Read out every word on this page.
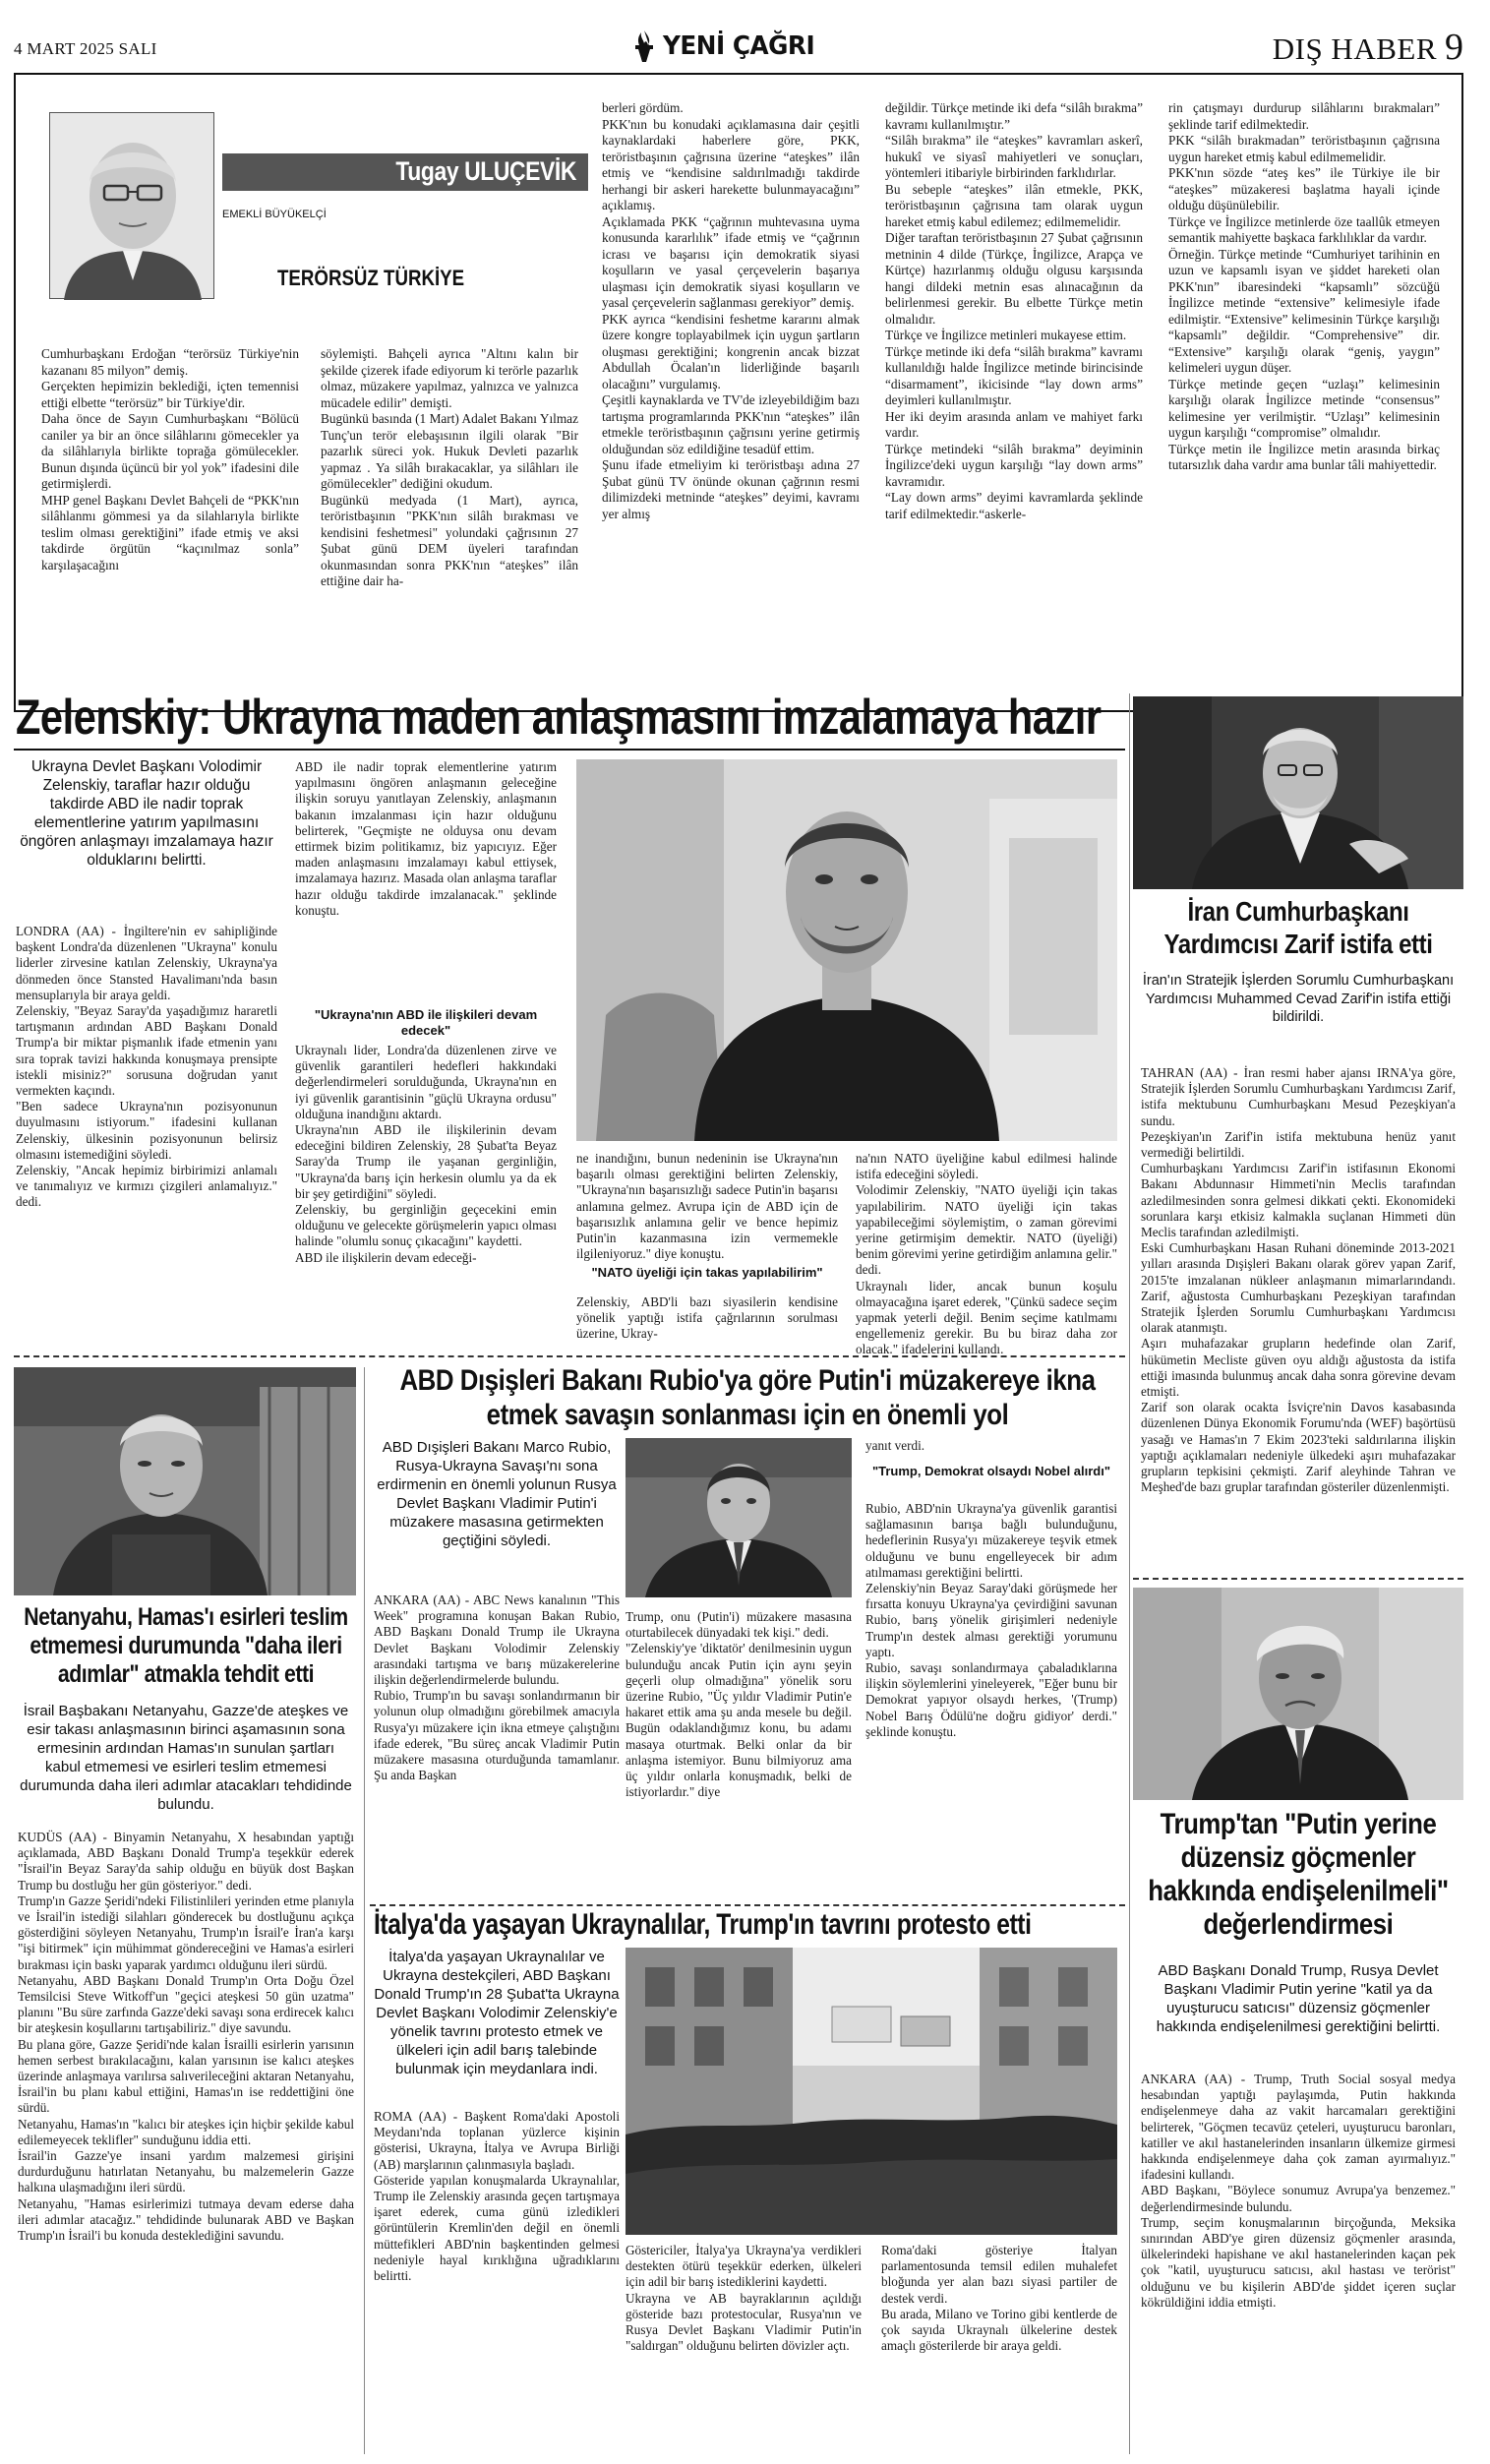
4 MART 2025 SALI	YENİ ÇAĞRI	DIŞ HABER 9
Tugay ULUÇEVİK
EMEKLİ BÜYÜKELÇİ
TERÖRSÜZ TÜRKİYE
Cumhurbaşkanı Erdoğan “terörsüz Türkiye'nin kazananı 85 milyon” demiş.
Gerçekten hepimizin beklediği, içten temennisi ettiği elbette “terörsüz” bir Türkiye'dir.
Daha önce de Sayın Cumhurbaşkanı “Bölücü caniler ya bir an önce silâhlarını gömecekler ya da silâhlarıyla birlikte toprağa gömülecekler. Bunun dışında üçüncü bir yol yok” ifadesini dile getirmişlerdi.
MHP genel Başkanı Devlet Bahçeli de “PKK'nın silâhlanmı gömmesi ya da silahlarıyla birlikte teslim olması gerektiğini” ifade etmiş ve aksi takdirde örgütün “kaçınılmaz sonla” karşılaşacağını
söylemişti. Bahçeli ayrıca "Altını kalın bir şekilde çizerek ifade ediyorum ki terörle pazarlık olmaz, müzakere yapılmaz, yalnızca ve yalnızca mücadele edilir" demişti.
Bugünkü basında (1 Mart) Adalet Bakanı Yılmaz Tunç'un terör elebaşısının ilgili olarak "Bir pazarlık süreci yok. Hukuk Devleti pazarlık yapmaz . Ya silâh bırakacaklar, ya silâhları ile gömülecekler" dediğini okudum.
Bugünkü medyada (1 Mart), ayrıca, teröristbaşının "PKK'nın silâh bırakması ve kendisini feshetmesi" yolundaki çağrısının 27 Şubat günü DEM üyeleri tarafından okunmasından sonra PKK'nın “ateşkes” ilân ettiğine dair ha-
berleri gördüm.
PKK'nın bu konudaki açıklamasına dair çeşitli kaynaklardaki haberlere göre, PKK, teröristbaşının çağrısına üzerine “ateşkes” ilân etmiş ve “kendisine saldırılmadığı takdirde herhangi bir askeri harekette bulunmayacağını” açıklamış.
Açıklamada PKK “çağrının muhtevasına uyma konusunda kararlılık” ifade etmiş ve “çağrının icrası ve başarısı için demokratik siyasi koşulların ve yasal çerçevelerin başarıya ulaşması için demokratik siyasi koşulların ve yasal çerçevelerin sağlanması gerekiyor” demiş.
PKK ayrıca “kendisini feshetme kararını almak üzere kongre toplayabilmek için uygun şartların oluşması gerektiğini; kongrenin ancak bizzat Abdullah Öcalan'ın liderliğinde başarılı olacağını” vurgulamış.
Çeşitli kaynaklarda ve TV'de izleyebildiğim bazı tartışma programlarında PKK'nın “ateşkes” ilân etmekle teröristbaşının çağrısını yerine getirmiş olduğundan söz edildiğine tesadüf ettim.
Şunu ifade etmeliyim ki teröristbaşı adına 27 Şubat günü TV önünde okunan çağrının resmi dilimizdeki metninde “ateşkes” deyimi, kavramı yer almış
değildir. Türkçe metinde iki defa “silâh bırakma” kavramı kullanılmıştır.”
“Silâh bırakma” ile “ateşkes” kavramları askerî, hukukî ve siyasî mahiyetleri ve sonuçları, yöntemleri itibariyle birbirinden farklıdırlar.
Bu sebeple “ateşkes” ilân etmekle, PKK, teröristbaşının çağrısına tam olarak uygun hareket etmiş kabul edilemez; edilmemelidir.
Diğer taraftan teröristbaşının 27 Şubat çağrısının metninin 4 dilde (Türkçe, İngilizce, Arapça ve Kürtçe) hazırlanmış olduğu olgusu karşısında hangi dildeki metnin esas alınacağının da belirlenmesi gerekir. Bu elbette Türkçe metin olmalıdır.
Türkçe ve İngilizce metinleri mukayese ettim.
Türkçe metinde iki defa “silâh bırakma” kavramı kullanıldığı halde İngilizce metinde birincisinde “disarmament”, ikicisinde “lay down arms” deyimleri kullanılmıştır.
Her iki deyim arasında anlam ve mahiyet farkı vardır.
Türkçe metindeki “silâh bırakma” deyiminin İngilizce'deki uygun karşılığı “lay down arms” kavramıdır.
“Lay down arms” deyimi kavramlarda şeklinde tarif edilmektedir.“askerle-
rin çatışmayı durdurup silâhlarını bırakmaları” şeklinde tarif edilmektedir.
PKK “silâh bırakmadan” teröristbaşının çağrısına uygun hareket etmiş kabul edilmemelidir.
PKK'nın sözde “ateş kes” ile Türkiye ile bir “ateşkes” müzakeresi başlatma hayali içinde olduğu düşünülebilir.
Türkçe ve İngilizce metinlerde öze taallûk etmeyen semantik mahiyette başkaca farklılıklar da vardır.
Örneğin. Türkçe metinde “Cumhuriyet tarihinin en uzun ve kapsamlı isyan ve şiddet hareketi olan PKK'nın” ibaresindeki “kapsamlı” sözcüğü İngilizce metinde “extensive” kelimesiyle ifade edilmiştir. “Extensive” kelimesinin Türkçe karşılığı “kapsamlı” değildir. “Comprehensive” dir. “Extensive” karşılığı olarak “geniş, yaygın” kelimeleri uygun düşer.
Türkçe metinde geçen “uzlaşı” kelimesinin karşılığı olarak İngilizce metinde “consensus” kelimesine yer verilmiştir. “Uzlaşı” kelimesinin uygun karşılığı “compromise” olmalıdır.
Türkçe metin ile İngilizce metin arasında birkaç tutarsızlık daha vardır ama bunlar tâli mahiyettedir.
Zelenskiy: Ukrayna maden anlaşmasını imzalamaya hazır
Ukrayna Devlet Başkanı Volodimir Zelenskiy, taraflar hazır olduğu takdirde ABD ile nadir toprak elementlerine yatırım yapılmasını öngören anlaşmayı imzalamaya hazır olduklarını belirtti.
LONDRA (AA) - İngiltere'nin ev sahipliğinde başkent Londra'da düzenlenen "Ukrayna" konulu liderler zirvesine katılan Zelenskiy, Ukrayna'ya dönmeden önce Stansted Havalimanı'nda basın mensuplarıyla bir araya geldi.
Zelenskiy, "Beyaz Saray'da yaşadığımız hararetli tartışmanın ardından ABD Başkanı Donald Trump'a bir miktar pişmanlık ifade etmenin yanı sıra toprak tavizi hakkında konuşmaya prensipte istekli misiniz?" sorusuna doğrudan yanıt vermekten kaçındı.
"Ben sadece Ukrayna'nın pozisyonunun duyulmasını istiyorum." ifadesini kullanan Zelenskiy, ülkesinin pozisyonunun belirsiz olmasını istemediğini söyledi.
Zelenskiy, "Ancak hepimiz birbirimizi anlamalı ve tanımalıyız ve kırmızı çizgileri anlamalıyız." dedi.
ABD ile nadir toprak elementlerine yatırım yapılmasını öngören anlaşmanın geleceğine ilişkin soruyu yanıtlayan Zelenskiy, anlaşmanın bakanın imzalanması için hazır olduğunu belirterek, "Geçmişte ne olduysa onu devam ettirmek bizim politikamız, biz yapıcıyız. Eğer maden anlaşmasını imzalamayı kabul ettiysek, imzalamaya hazırız. Masada olan anlaşma taraflar hazır olduğu takdirde imzalanacak." şeklinde konuştu.
"Ukrayna'nın ABD ile ilişkileri devam edecek"
Ukraynalı lider, Londra'da düzenlenen zirve ve güvenlik garantileri hedefleri hakkındaki değerlendirmeleri sorulduğunda, Ukrayna'nın en iyi güvenlik garantisinin "güçlü Ukrayna ordusu" olduğuna inandığını aktardı.
Ukrayna'nın ABD ile ilişkilerinin devam edeceğini bildiren Zelenskiy, 28 Şubat'ta Beyaz Saray'da Trump ile yaşanan gerginliğin, "Ukrayna'da barış için herkesin olumlu ya da ek bir şey getirdiğini" söyledi.
Zelenskiy, bu gerginliğin geçecekini emin olduğunu ve gelecekte görüşmelerin yapıcı olması halinde "olumlu sonuç çıkacağını" kaydetti.
ABD ile ilişkilerin devam edeceği-
ne inandığını, bunun nedeninin ise Ukrayna'nın başarılı olması gerektiğini belirten Zelenskiy, "Ukrayna'nın başarısızlığı sadece Putin'in başarısı anlamına gelmez. Avrupa için de ABD için de başarısızlık anlamına gelir ve bence hepimiz Putin'in kazanmasına izin vermemekle ilgileniyoruz." diye konuştu.
"NATO üyeliği için takas yapılabilirim"
Zelenskiy, ABD'li bazı siyasilerin kendisine yönelik yaptığı istifa çağrılarının sorulması üzerine, Ukray-
na'nın NATO üyeliğine kabul edilmesi halinde istifa edeceğini söyledi.
Volodimir Zelenskiy, "NATO üyeliği için takas yapılabilirim. NATO üyeliği için takas yapabileceğimi söylemiştim, o zaman görevimi yerine getirmişim demektir. NATO (üyeliği) benim görevimi yerine getirdiğim anlamına gelir." dedi.
Ukraynalı lider, ancak bunun koşulu olmayacağına işaret ederek, "Çünkü sadece seçim yapmak yeterli değil. Benim seçime katılmamı engellemeniz gerekir. Bu bu biraz daha zor olacak." ifadelerini kullandı.
İran Cumhurbaşkanı Yardımcısı Zarif istifa etti
İran'ın Stratejik İşlerden Sorumlu Cumhurbaşkanı Yardımcısı Muhammed Cevad Zarif'in istifa ettiği bildirildi.
TAHRAN (AA) - İran resmi haber ajansı IRNA'ya göre, Stratejik İşlerden Sorumlu Cumhurbaşkanı Yardımcısı Zarif, istifa mektubunu Cumhurbaşkanı Mesud Pezeşkiyan'a sundu.
Pezeşkiyan'ın Zarif'in istifa mektubuna henüz yanıt vermediği belirtildi.
Cumhurbaşkanı Yardımcısı Zarif'in istifasının Ekonomi Bakanı Abdunnasır Himmeti'nin Meclis tarafından azledilmesinden sonra gelmesi dikkati çekti. Ekonomideki sorunlara karşı etkisiz kalmakla suçlanan Himmeti dün Meclis tarafından azledilmişti.
Eski Cumhurbaşkanı Hasan Ruhani döneminde 2013-2021 yılları arasında Dışişleri Bakanı olarak görev yapan Zarif, 2015'te imzalanan nükleer anlaşmanın mimarlarındandı. Zarif, ağustosta Cumhurbaşkanı Pezeşkiyan tarafından Stratejik İşlerden Sorumlu Cumhurbaşkanı Yardımcısı olarak atanmıştı.
Aşırı muhafazakar grupların hedefinde olan Zarif, hükümetin Mecliste güven oyu aldığı ağustosta da istifa ettiği imasında bulunmuş ancak daha sonra görevine devam etmişti.
Zarif son olarak ocakta İsviçre'nin Davos kasabasında düzenlenen Dünya Ekonomik Forumu'nda (WEF) başörtüsü yasağı ve Hamas'ın 7 Ekim 2023'teki saldırılarına ilişkin yaptığı açıklamaları nedeniyle ülkedeki aşırı muhafazakar grupların tepkisini çekmişti. Zarif aleyhinde Tahran ve Meşhed'de bazı gruplar tarafından gösteriler düzenlenmişti.
Trump'tan "Putin yerine düzensiz göçmenler hakkında endişelenilmeli" değerlendirmesi
ABD Başkanı Donald Trump, Rusya Devlet Başkanı Vladimir Putin yerine "katil ya da uyuşturucu satıcısı" düzensiz göçmenler hakkında endişelenilmesi gerektiğini belirtti.
ANKARA (AA) - Trump, Truth Social sosyal medya hesabından yaptığı paylaşımda, Putin hakkında endişelenmeye daha az vakit harcamaları gerektiğini belirterek, "Göçmen tecavüz çeteleri, uyuşturucu baronları, katiller ve akıl hastanelerinden insanların ülkemize girmesi hakkında endişelenmeye daha çok zaman ayırmalıyız." ifadesini kullandı.
ABD Başkanı, "Böylece sonumuz Avrupa'ya benzemez." değerlendirmesinde bulundu.
Trump, seçim konuşmalarının birçoğunda, Meksika sınırından ABD'ye giren düzensiz göçmenler arasında, ülkelerindeki hapishane ve akıl hastanelerinden kaçan pek çok "katil, uyuşturucu satıcısı, akıl hastası ve terörist" olduğunu ve bu kişilerin ABD'de şiddet içeren suçlar kökrüldiğini iddia etmişti.
Netanyahu, Hamas'ı esirleri teslim etmemesi durumunda "daha ileri adımlar" atmakla tehdit etti
İsrail Başbakanı Netanyahu, Gazze'de ateşkes ve esir takası anlaşmasının birinci aşamasının sona ermesinin ardından Hamas'ın sunulan şartları kabul etmemesi ve esirleri teslim etmemesi durumunda daha ileri adımlar atacakları tehdidinde bulundu.
KUDÜS (AA) - Binyamin Netanyahu, X hesabından yaptığı açıklamada, ABD Başkanı Donald Trump'a teşekkür ederek "İsrail'in Beyaz Saray'da sahip olduğu en büyük dost Başkan Trump bu dostluğu her gün gösteriyor." dedi.
Trump'ın Gazze Şeridi'ndeki Filistinlileri yerinden etme planıyla ve İsrail'in istediği silahları gönderecek bu dostluğunu açıkça gösterdiğini söyleyen Netanyahu, Trump'ın İsrail'e İran'a karşı "işi bitirmek" için mühimmat göndereceğini ve Hamas'a esirleri bırakması için baskı yaparak yardımcı olduğunu ileri sürdü.
Netanyahu, ABD Başkanı Donald Trump'ın Orta Doğu Özel Temsilcisi Steve Witkoff'un "geçici ateşkesi 50 gün uzatma" planını "Bu süre zarfında Gazze'deki savaşı sona erdirecek kalıcı bir ateşkesin koşullarını tartışabiliriz." diye savundu.
Bu plana göre, Gazze Şeridi'nde kalan İsrailli esirlerin yarısının hemen serbest bırakılacağını, kalan yarısının ise kalıcı ateşkes üzerinde anlaşmaya varılırsa salıverileceğini aktaran Netanyahu, İsrail'in bu planı kabul ettiğini, Hamas'ın ise reddettiğini öne sürdü.
Netanyahu, Hamas'ın "kalıcı bir ateşkes için hiçbir şekilde kabul edilemeyecek teklifler" sunduğunu iddia etti.
İsrail'in Gazze'ye insani yardım malzemesi girişini durdurduğunu hatırlatan Netanyahu, bu malzemelerin Gazze halkına ulaşmadığını ileri sürdü.
Netanyahu, "Hamas esirlerimizi tutmaya devam ederse daha ileri adımlar atacağız." tehdidinde bulunarak ABD ve Başkan Trump'ın İsrail'i bu konuda desteklediğini savundu.
ABD Dışişleri Bakanı Rubio'ya göre Putin'i müzakereye ikna etmek savaşın sonlanması için en önemli yol
ABD Dışişleri Bakanı Marco Rubio, Rusya-Ukrayna Savaşı'nı sona erdirmenin en önemli yolunun Rusya Devlet Başkanı Vladimir Putin'i müzakere masasına getirmekten geçtiğini söyledi.
ANKARA (AA) - ABC News kanalının "This Week" programına konuşan Bakan Rubio, ABD Başkanı Donald Trump ile Ukrayna Devlet Başkanı Volodimir Zelenskiy arasındaki tartışma ve barış müzakerelerine ilişkin değerlendirmelerde bulundu.
Rubio, Trump'ın bu savaşı sonlandırmanın bir yolunun olup olmadığını görebilmek amacıyla Rusya'yı müzakere için ikna etmeye çalıştığını ifade ederek, "Bu süreç ancak Vladimir Putin müzakere masasına oturduğunda tamamlanır. Şu anda Başkan
Trump, onu (Putin'i) müzakere masasına oturtabilecek dünyadaki tek kişi." dedi.
"Zelenskiy'ye 'diktatör' denilmesinin uygun bulunduğu ancak Putin için aynı şeyin geçerli olup olmadığına" yönelik soru üzerine Rubio, "Üç yıldır Vladimir Putin'e hakaret ettik ama şu anda mesele bu değil. Bugün odaklandığımız konu, bu adamı masaya oturtmak. Belki onlar da bir anlaşma istemiyor. Bunu bilmiyoruz ama üç yıldır onlarla konuşmadık, belki de istiyorlardır." diye
yanıt verdi.
"Trump, Demokrat olsaydı Nobel alırdı"
Rubio, ABD'nin Ukrayna'ya güvenlik garantisi sağlamasının barışa bağlı bulunduğunu, hedeflerinin Rusya'yı müzakereye teşvik etmek olduğunu ve bunu engelleyecek bir adım atılmaması gerektiğini belirtti.
Zelenskiy'nin Beyaz Saray'daki görüşmede her fırsatta konuyu Ukrayna'ya çevirdiğini savunan Rubio, barış yönelik girişimleri nedeniyle Trump'ın destek alması gerektiği yorumunu yaptı.
Rubio, savaşı sonlandırmaya çabaladıklarına ilişkin söylemlerini yineleyerek, "Eğer bunu bir Demokrat yapıyor olsaydı herkes, '(Trump) Nobel Barış Ödülü'ne doğru gidiyor' derdi." şeklinde konuştu.
İtalya'da yaşayan Ukraynalılar, Trump'ın tavrını protesto etti
İtalya'da yaşayan Ukraynalılar ve Ukrayna destekçileri, ABD Başkanı Donald Trump'ın 28 Şubat'ta Ukrayna Devlet Başkanı Volodimir Zelenskiy'e yönelik tavrını protesto etmek ve ülkeleri için adil barış talebinde bulunmak için meydanlara indi.
ROMA (AA) - Başkent Roma'daki Apostoli Meydanı'nda toplanan yüzlerce kişinin gösterisi, Ukrayna, İtalya ve Avrupa Birliği (AB) marşlarının çalınmasıyla başladı.
Gösteride yapılan konuşmalarda Ukraynalılar, Trump ile Zelenskiy arasında geçen tartışmaya işaret ederek, cuma günü izledikleri görüntülerin Kremlin'den değil en önemli müttefikleri ABD'nin başkentinden gelmesi nedeniyle hayal kırıklığına uğradıklarını belirtti.
Göstericiler, İtalya'ya Ukrayna'ya verdikleri destekten ötürü teşekkür ederken, ülkeleri için adil bir barış istediklerini kaydetti.
Ukrayna ve AB bayraklarının açıldığı gösteride bazı protestocular, Rusya'nın ve Rusya Devlet Başkanı Vladimir Putin'in "saldırgan" olduğunu belirten dövizler açtı.
Roma'daki gösteriye İtalyan parlamentosunda temsil edilen muhalefet bloğunda yer alan bazı siyasi partiler de destek verdi.
Bu arada, Milano ve Torino gibi kentlerde de çok sayıda Ukraynalı ülkelerine destek amaçlı gösterilerde bir araya geldi.
